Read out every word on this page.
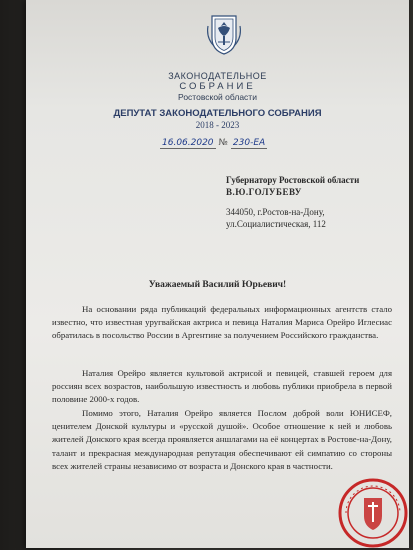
ЗАКОНОДАТЕЛЬНОЕ
СОБРАНИЕ
Ростовской области
ДЕПУТАТ ЗАКОНОДАТЕЛЬНОГО СОБРАНИЯ
2018 - 2023
16.06.2020 № 230-ЕА
Губернатору Ростовской области
В.Ю.ГОЛУБЕВУ
344050, г.Ростов-на-Дону,
ул.Социалистическая, 112
Уважаемый Василий Юрьевич!
На основании ряда публикаций федеральных информационных агентств стало известно, что известная уругвайская актриса и певица Наталия Мариса Орейро Иглесиас обратилась в посольство России в Аргентине за получением Российского гражданства.
Наталия Орейро является культовой актрисой и певицей, ставшей героем для россиян всех возрастов, наибольшую известность и любовь публики приобрела в первой половине 2000-х годов.
Помимо этого, Наталия Орейро является Послом доброй воли ЮНИСЕФ, ценителем Донской культуры и «русской душой». Особое отношение к ней и любовь жителей Донского края всегда проявляется аншлагами на её концертах в Ростове-на-Дону, талант и прекрасная международная репутация обеспечивают ей симпатию со стороны всех жителей страны независимо от возраста и Донского края в частности.
